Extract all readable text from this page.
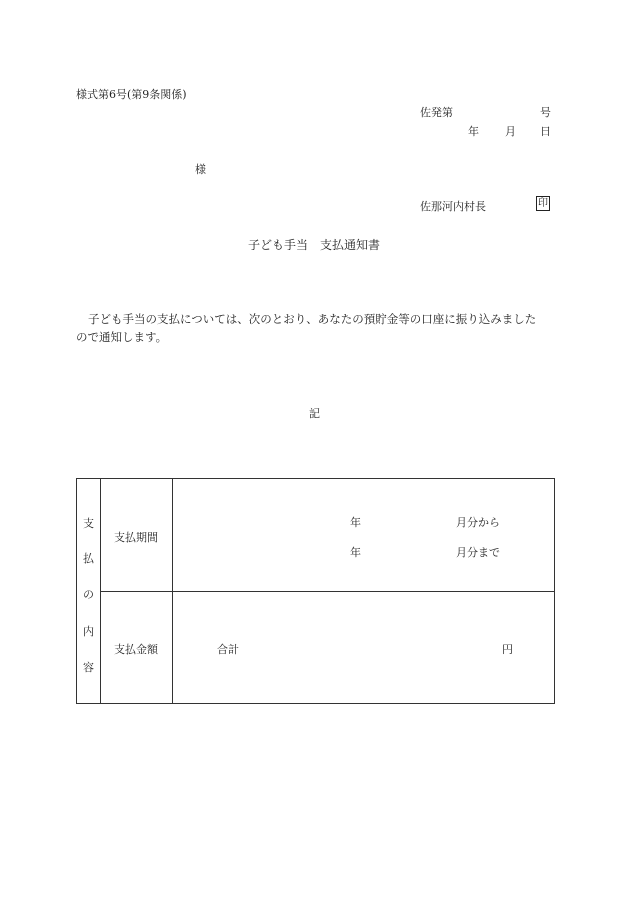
様式第6号(第9条関係)
佐発第	号
年 月 日
様
佐那河内村長	印
子ども手当　支払通知書
子ども手当の支払については、次のとおり、あなたの預貯金等の口座に振り込みました
ので通知します。
記
支
払
の
内
容
支払期間
年	月分から
年	月分まで
支払金額	合計	円
